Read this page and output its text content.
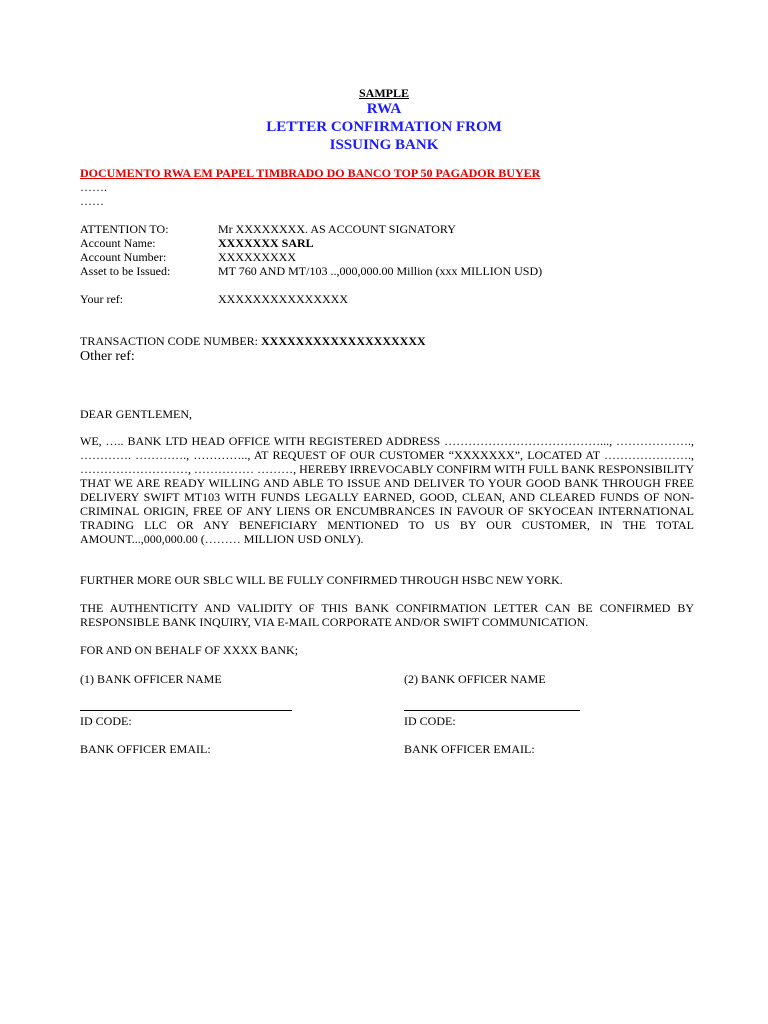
SAMPLE
RWA
LETTER CONFIRMATION FROM
ISSUING BANK
DOCUMENTO RWA EM PAPEL TIMBRADO DO BANCO TOP 50 PAGADOR BUYER
…….
……
ATTENTION TO:	Mr XXXXXXXX. AS ACCOUNT SIGNATORY
Account Name:	XXXXXXX SARL
Account Number:	XXXXXXXXX
Asset to be Issued:	MT 760 AND MT/103 ..,000,000.00 Million (xxx MILLION USD)
Your ref:	XXXXXXXXXXXXXXX
TRANSACTION CODE NUMBER: XXXXXXXXXXXXXXXXXXX
Other ref:
DEAR GENTLEMEN,
WE, ….. BANK LTD HEAD OFFICE WITH REGISTERED ADDRESS …………………………………..., ………………., …………. …………., ………….., AT REQUEST OF OUR CUSTOMER “XXXXXXX”, LOCATED AT …………………., ………………………, …………… ………, HEREBY IRREVOCABLY CONFIRM WITH FULL BANK RESPONSIBILITY THAT WE ARE READY WILLING AND ABLE TO ISSUE AND DELIVER TO YOUR GOOD BANK THROUGH FREE DELIVERY SWIFT MT103 WITH FUNDS LEGALLY EARNED, GOOD, CLEAN, AND CLEARED FUNDS OF NON-CRIMINAL ORIGIN, FREE OF ANY LIENS OR ENCUMBRANCES IN FAVOUR OF SKYOCEAN INTERNATIONAL TRADING LLC OR ANY BENEFICIARY MENTIONED TO US BY OUR CUSTOMER, IN THE TOTAL AMOUNT...,000,000.00 (……… MILLION USD ONLY).
FURTHER MORE OUR SBLC WILL BE FULLY CONFIRMED THROUGH HSBC NEW YORK.
THE AUTHENTICITY AND VALIDITY OF THIS BANK CONFIRMATION LETTER CAN BE CONFIRMED BY RESPONSIBLE BANK INQUIRY, VIA E-MAIL CORPORATE AND/OR SWIFT COMMUNICATION.
FOR AND ON BEHALF OF XXXX BANK;
(1) BANK OFFICER NAME	(2) BANK OFFICER NAME
ID CODE:	ID CODE:
BANK OFFICER EMAIL:	BANK OFFICER EMAIL:
